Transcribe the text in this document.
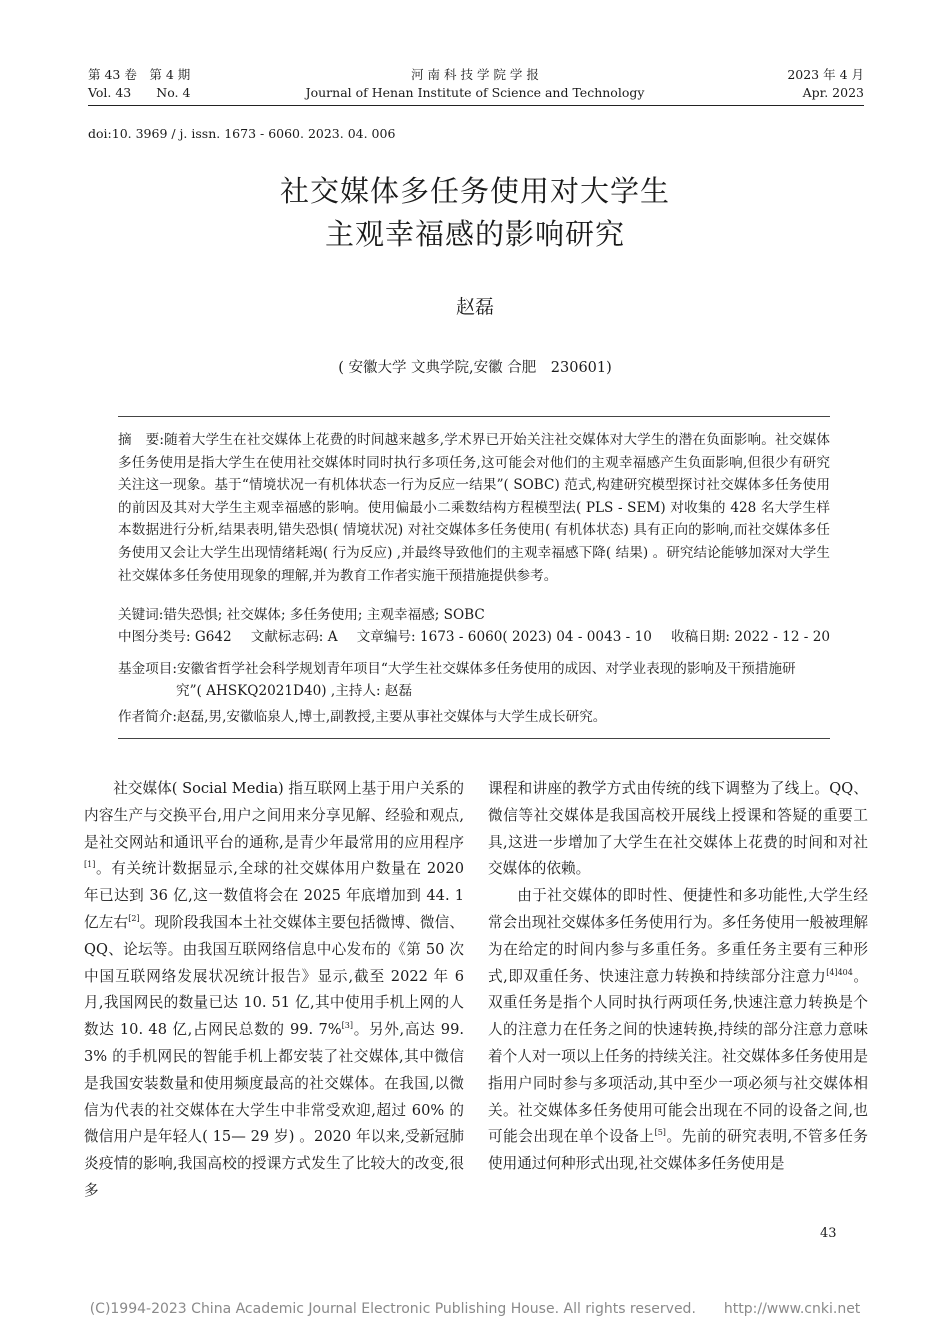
第 43 卷　第 4 期
Vol. 43　　No. 4
河 南 科 技 学 院 学 报
Journal of Henan Institute of Science and Technology
2023 年 4 月
Apr. 2023
doi:10. 3969 / j. issn. 1673 - 6060. 2023. 04. 006
社交媒体多任务使用对大学生
主观幸福感的影响研究
赵磊
( 安徽大学 文典学院,安徽 合肥　230601)

摘　要:随着大学生在社交媒体上花费的时间越来越多,学术界已开始关注社交媒体对大学生的潜在负面影响。社交媒体多任务使用是指大学生在使用社交媒体时同时执行多项任务,这可能会对他们的主观幸福感产生负面影响,但很少有研究关注这一现象。基于“情境状况一有机体状态一行为反应一结果”( SOBC) 范式,构建研究模型探讨社交媒体多任务使用的前因及其对大学生主观幸福感的影响。使用偏最小二乘数结构方程模型法( PLS - SEM) 对收集的 428 名大学生样本数据进行分析,结果表明,错失恐惧( 情境状况) 对社交媒体多任务使用( 有机体状态) 具有正向的影响,而社交媒体多任务使用又会让大学生出现情绪耗竭( 行为反应) ,并最终导致他们的主观幸福感下降( 结果) 。研究结论能够加深对大学生社交媒体多任务使用现象的理解,并为教育工作者实施干预措施提供参考。

关键词:错失恐惧; 社交媒体; 多任务使用; 主观幸福感; SOBC
中图分类号: G642 文献标志码: A 文章编号: 1673 - 6060( 2023) 04 - 0043 - 10 收稿日期: 2022 - 12 - 20
基金项目:安徽省哲学社会科学规划青年项目“大学生社交媒体多任务使用的成因、对学业表现的影响及干预措施研
究”( AHSKQ2021D40) ,主持人: 赵磊
作者简介:赵磊,男,安徽临泉人,博士,副教授,主要从事社交媒体与大学生成长研究。

社交媒体( Social Media) 指互联网上基于用户关系的内容生产与交换平台,用户之间用来分享见解、经验和观点,是社交网站和通讯平台的通称,是青少年最常用的应用程序[1]。有关统计数据显示,全球的社交媒体用户数量在 2020 年已达到 36 亿,这一数值将会在 2025 年底增加到 44. 1 亿左右[2]。现阶段我国本土社交媒体主要包括微博、微信、QQ、论坛等。由我国互联网络信息中心发布的《第 50 次中国互联网络发展状况统计报告》显示,截至 2022 年 6 月,我国网民的数量已达 10. 51 亿,其中使用手机上网的人数达 10. 48 亿,占网民总数的 99. 7%[3]。另外,高达 99. 3% 的手机网民的智能手机上都安装了社交媒体,其中微信是我国安装数量和使用频度最高的社交媒体。在我国,以微信为代表的社交媒体在大学生中非常受欢迎,超过 60% 的微信用户是年轻人( 15— 29 岁) 。2020 年以来,受新冠肺炎疫情的影响,我国高校的授课方式发生了比较大的改变,很多

课程和讲座的教学方式由传统的线下调整为了线上。QQ、微信等社交媒体是我国高校开展线上授课和答疑的重要工具,这进一步增加了大学生在社交媒体上花费的时间和对社交媒体的依赖。

由于社交媒体的即时性、便捷性和多功能性,大学生经常会出现社交媒体多任务使用行为。多任务使用一般被理解为在给定的时间内参与多重任务。多重任务主要有三种形式,即双重任务、快速注意力转换和持续部分注意力$^{[4]404}$。双重任务是指个人同时执行两项任务,快速注意力转换是个人的注意力在任务之间的快速转换,持续的部分注意力意味着个人对一项以上任务的持续关注。社交媒体多任务使用是指用户同时参与多项活动,其中至少一项必须与社交媒体相关。社交媒体多任务使用可能会出现在不同的设备之间,也可能会出现在单个设备上[5]。先前的研究表明,不管多任务使用通过何种形式出现,社交媒体多任务使用是

43
(C)1994-2023 China Academic Journal Electronic Publishing House. All rights reserved.　　http://www.cnki.net
